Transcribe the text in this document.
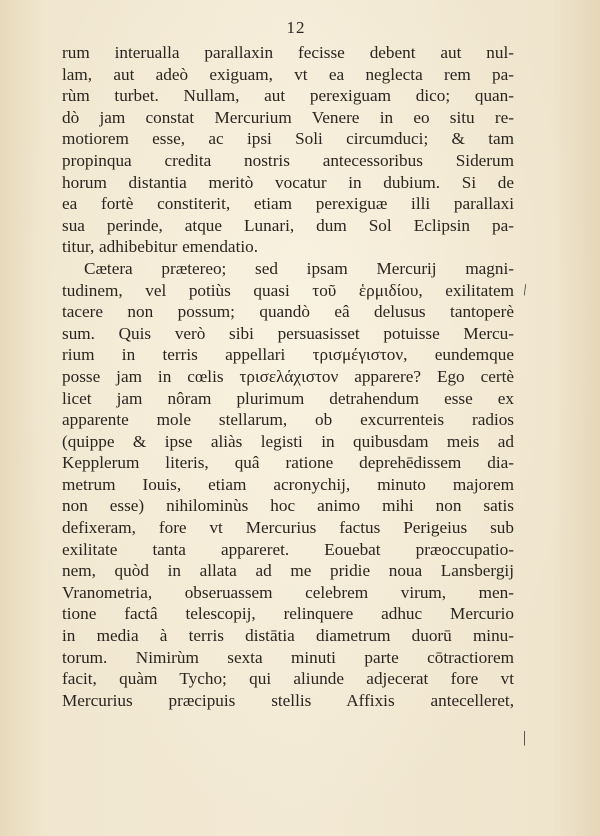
12
rum interualla parallaxin fecisse debent aut nul-
lam, aut adeò exiguam, vt ea neglecta rem pa-
rùm turbet. Nullam, aut perexiguam dico; quan-
dò jam constat Mercurium Venere in eo situ re-
motiorem esse, ac ipsi Soli circumduci; & tam
propinqua credita nostris antecessoribus Siderum
horum distantia meritò vocatur in dubium. Si de
ea fortè constiterit, etiam perexiguæ illi parallaxi
sua perinde, atque Lunari, dum Sol Eclipsin pa-
titur, adhibebitur emendatio.
Cætera prætereo; sed ipsam Mercurij magni-
tudinem, vel potiùs quasi τοῦ ἑρμιδίου, exilitatem
tacere non possum; quandò eâ delusus tantoperè
sum. Quis verò sibi persuasisset potuisse Mercu-
rium in terris appellari τρισμέγιστον, eundemque
posse jam in cœlis τρισελάχιστον apparere? Ego certè
licet jam nôram plurimum detrahendum esse ex
apparente mole stellarum, ob excurrenteis radios
(quippe & ipse aliàs legisti in quibusdam meis ad
Kepplerum literis, quâ ratione deprehēdissem dia-
metrum Iouis, etiam acronychij, minuto majorem
non esse) nihilominùs hoc animo mihi non satis
defixeram, fore vt Mercurius factus Perigeius sub
exilitate tanta appareret. Eouebat præoccupatio-
nem, quòd in allata ad me pridie noua Lansbergij
Vranometria, obseruassem celebrem virum, men-
tione factâ telescopij, relinquere adhuc Mercurio
in media à terris distātia diametrum duorū minu-
torum. Nimirùm sexta minuti parte cōtractiorem
facit, quàm Tycho; qui aliunde adjecerat fore vt
Mercurius præcipuis stellis Affixis antecelleret,
/
|
